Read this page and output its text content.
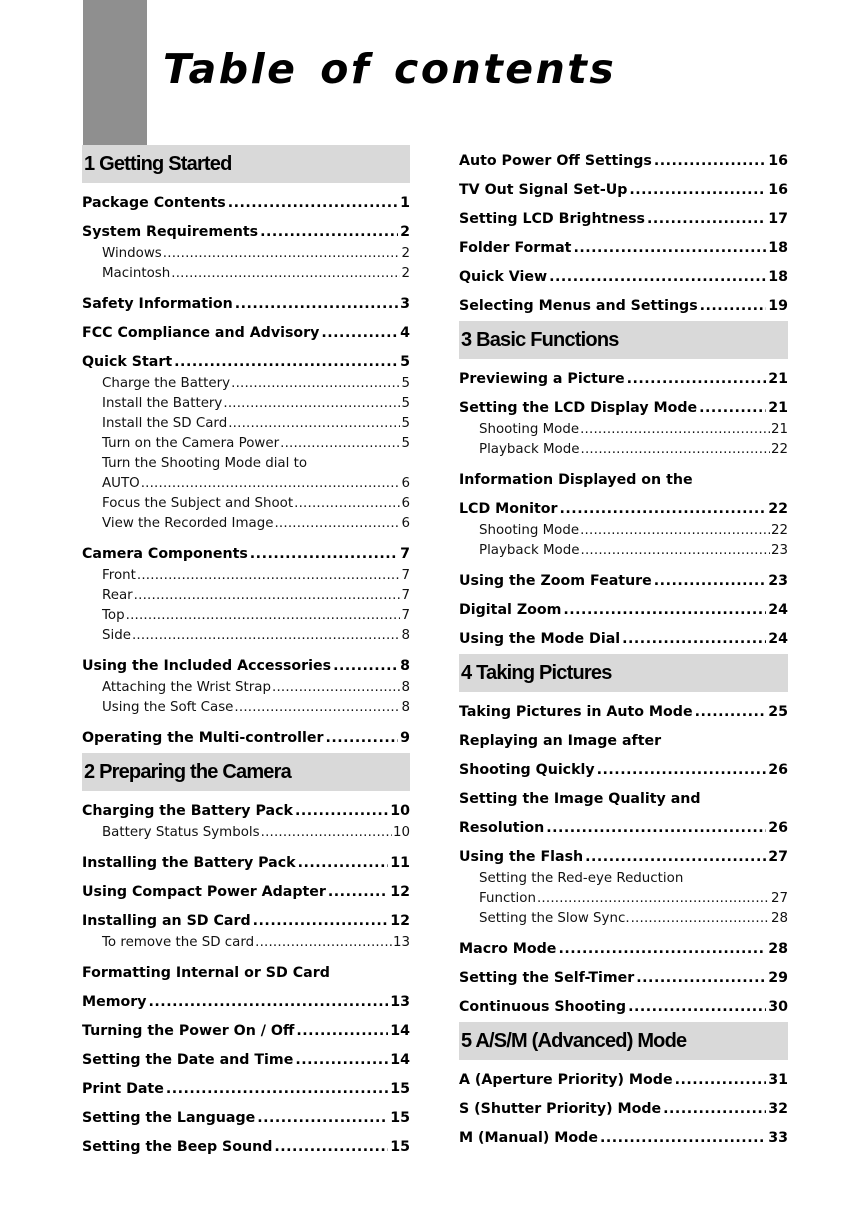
Table of contents
1 Getting Started
Package Contents .....	1
System Requirements .....	2
Windows .....	2
Macintosh .....	2
Safety Information .....	3
FCC Compliance and Advisory .....	4
Quick Start .....	5
Charge the Battery .....	5
Install the Battery .....	5
Install the SD Card .....	5
Turn on the Camera Power .....	5
Turn the Shooting Mode dial to
AUTO .....	6
Focus the Subject and Shoot .....	6
View the Recorded Image .....	6
Camera Components .....	7
Front .....	7
Rear .....	7
Top .....	7
Side .....	8
Using the Included Accessories .....	8
Attaching the Wrist Strap .....	8
Using the Soft Case .....	8
Operating the Multi-controller .....	9
2 Preparing the Camera
Charging the Battery Pack .....	10
Battery Status Symbols .....	10
Installing the Battery Pack .....	11
Using Compact Power Adapter .....	12
Installing an SD Card .....	12
To remove the SD card .....	13
Formatting Internal or SD Card
Memory .....	13
Turning the Power On / Off .....	14
Setting the Date and Time .....	14
Print Date .....	15
Setting the Language .....	15
Setting the Beep Sound .....	15
Auto Power Off Settings .....	16
TV Out Signal Set-Up .....	16
Setting LCD Brightness .....	17
Folder Format .....	18
Quick View .....	18
Selecting Menus and Settings .....	19
3 Basic Functions
Previewing a Picture .....	21
Setting the LCD Display Mode .....	21
Shooting Mode .....	21
Playback Mode .....	22
Information Displayed on the
LCD Monitor .....	22
Shooting Mode .....	22
Playback Mode .....	23
Using the Zoom Feature .....	23
Digital Zoom .....	24
Using the Mode Dial .....	24
4 Taking Pictures
Taking Pictures in Auto Mode .....	25
Replaying an Image after
Shooting Quickly .....	26
Setting the Image Quality and
Resolution .....	26
Using the Flash .....	27
Setting the Red-eye Reduction
Function .....	27
Setting the Slow Sync. .....	28
Macro Mode .....	28
Setting the Self-Timer .....	29
Continuous Shooting .....	30
5 A/S/M (Advanced) Mode
A (Aperture Priority) Mode .....	31
S (Shutter Priority) Mode .....	32
M (Manual) Mode .....	33
